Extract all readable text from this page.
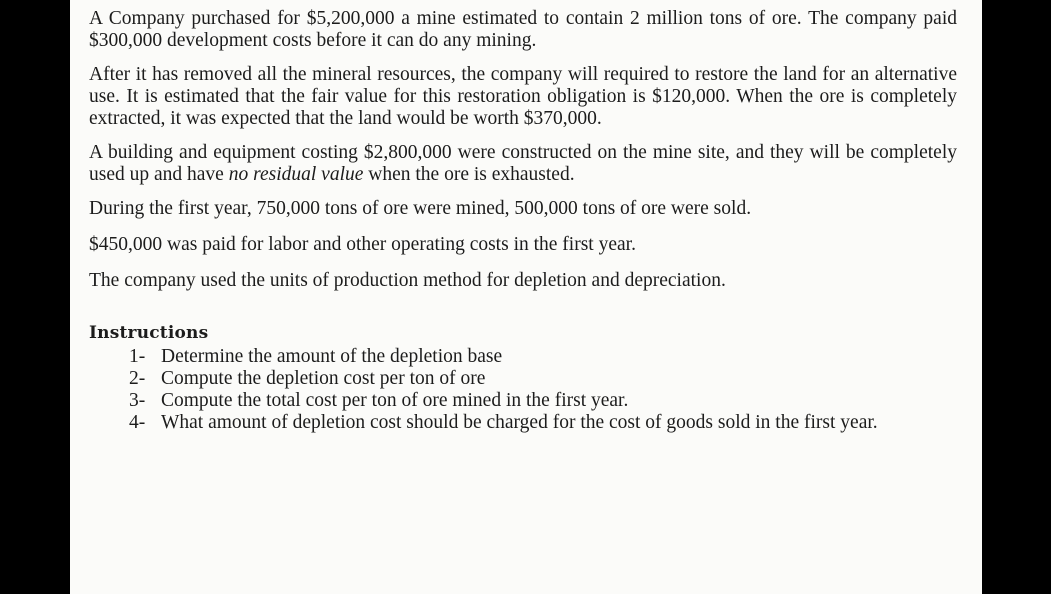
A Company purchased for $5,200,000 a mine estimated to contain 2 million tons of ore. The company paid $300,000 development costs before it can do any mining.

After it has removed all the mineral resources, the company will required to restore the land for an alternative use. It is estimated that the fair value for this restoration obligation is $120,000. When the ore is completely extracted, it was expected that the land would be worth $370,000.

A building and equipment costing $2,800,000 were constructed on the mine site, and they will be completely used up and have no residual value when the ore is exhausted.

During the first year, 750,000 tons of ore were mined, 500,000 tons of ore were sold.

$450,000 was paid for labor and other operating costs in the first year.

The company used the units of production method for depletion and depreciation.

Instructions
1- Determine the amount of the depletion base
2- Compute the depletion cost per ton of ore
3- Compute the total cost per ton of ore mined in the first year.
4- What amount of depletion cost should be charged for the cost of goods sold in the first year.
